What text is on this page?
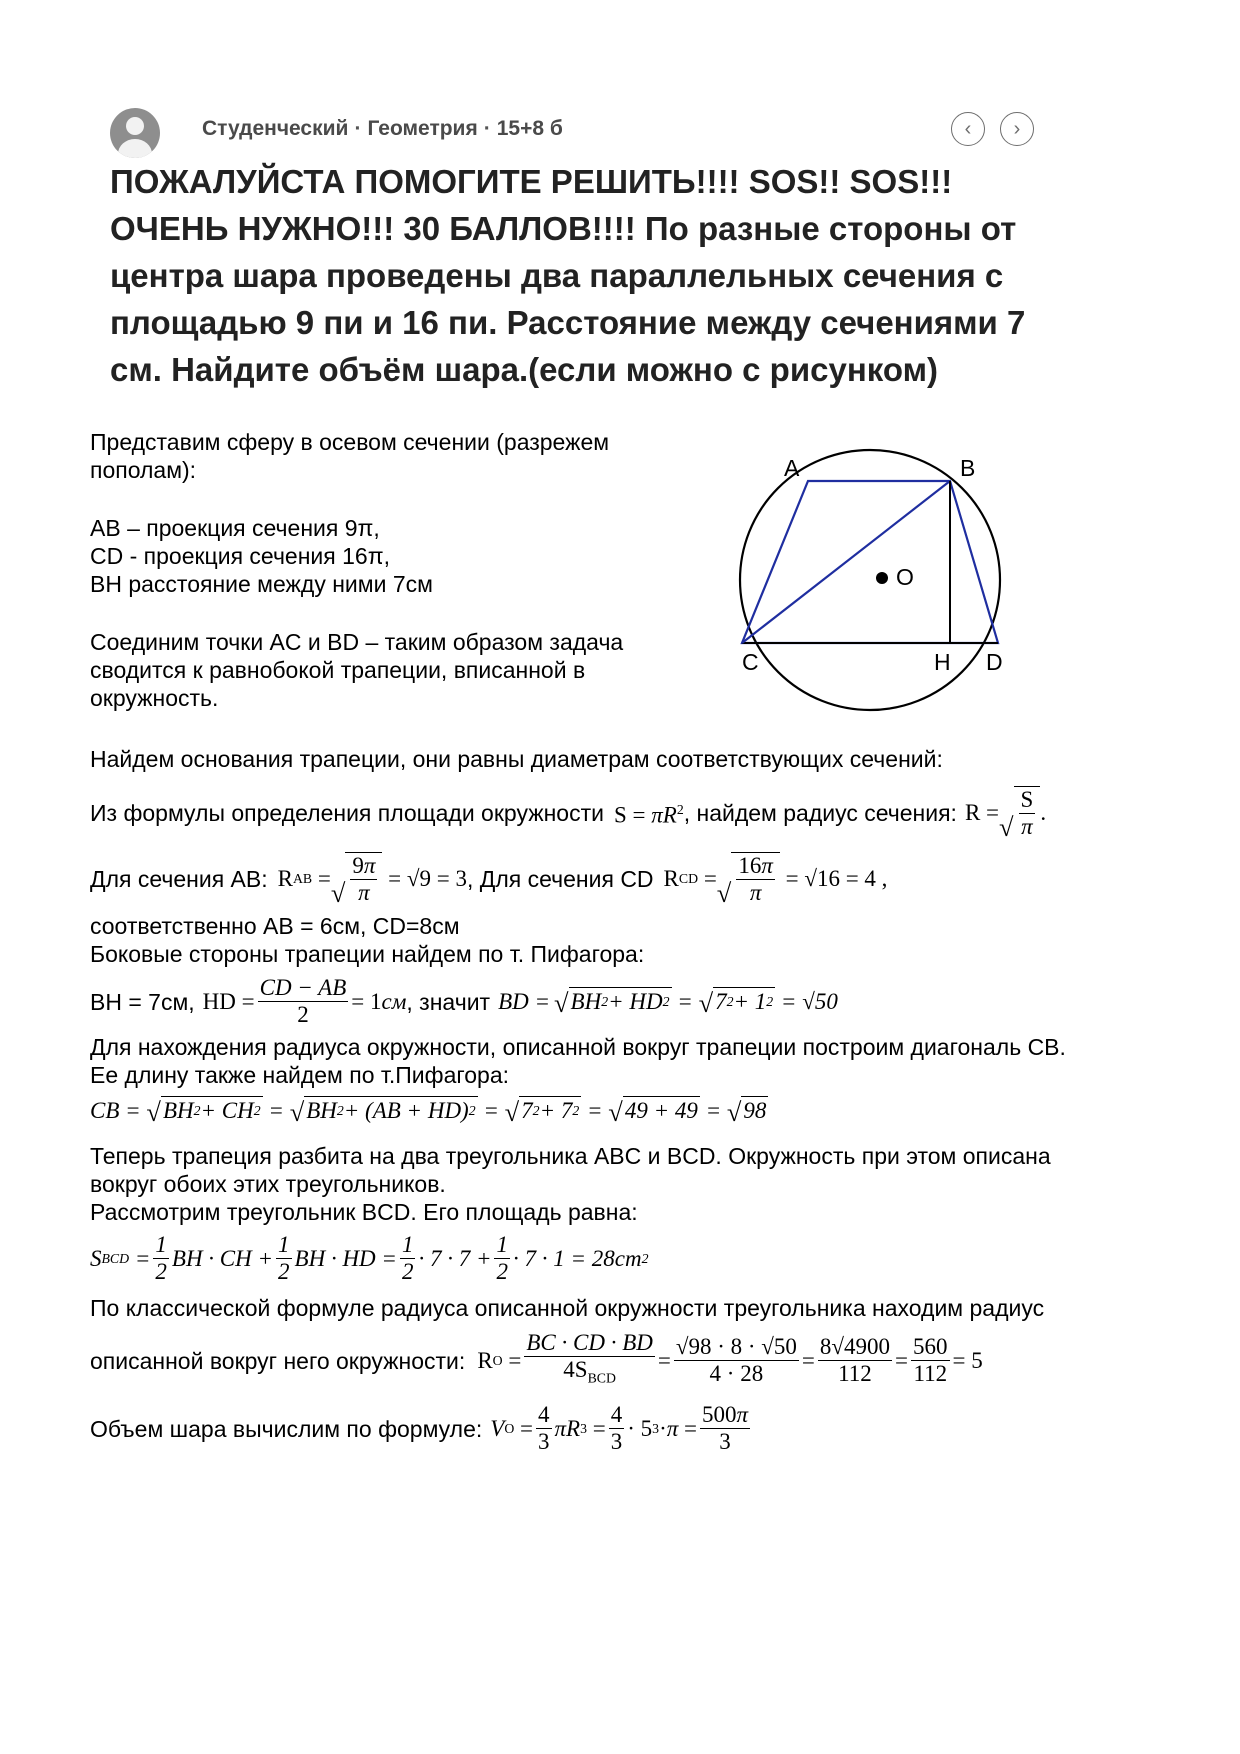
Студенческий · Геометрия · 15+8 б	‹ ›
ПОЖАЛУЙСТА ПОМОГИТЕ РЕШИТЬ!!!! SOS!! SOS!!! ОЧЕНЬ НУЖНО!!! 30 БАЛЛОВ!!!! По разные стороны от центра шара проведены два параллельных сечения с площадью 9 пи и 16 пи. Расстояние между сечениями 7 см. Найдите объём шара.(если можно с рисунком)
Представим сферу в осевом сечении (разрежем
пополам):
AB – проекция сечения 9π,
CD - проекция сечения 16π,
BH расстояние между ними 7см
Соединим точки AC и BD – таким образом задача
сводится к равнобокой трапеции, вписанной в
окружность.
A	B
O
C	H D
Найдем основания трапеции, они равны диаметрам соответствующих сечений:
Из формулы определения площади окружности $S = \pi R^2$ , найдем радиус сечения: R = √
S
π
.
Для сечения AB: R AB = √
9π
π
= √9 = 3 , Для сечения CD R CD = √
16π
π
= √16 = 4 ,
соответственно AB = 6см, CD=8см
Боковые стороны трапеции найдем по т. Пифагора:
BH = 7см, HD =
CD − AB
2
= 1 см , значит BD = √ BH 2 + HD 2 = √ 7 2 + 1 2 = √50
Для нахождения радиуса окружности, описанной вокруг трапеции построим диагональ CB.
Ее длину также найдем по т.Пифагора:
CB = √ BH 2 + CH 2 = √ BH 2 + (AB + HD) 2 = √ 7 2 + 7 2 = √ 49 + 49 = √ 98
Теперь трапеция разбита на два треугольника ABC и BCD. Окружность при этом описана
вокруг обоих этих треугольников.
Рассмотрим треугольник BCD. Его площадь равна:
S BCD =
1
2
BH · CH +
1
2
BH · HD =
1
2
· 7 · 7 +
1
2
· 7 · 1 = 28 cm 2
По классической формуле радиуса описанной окружности треугольника находим радиус
описанной вокруг него окружности: R O =
BC · CD · BD
$4S_{BCD}$
=
√98 · 8 · √50
4 · 28
=
8√4900
112
=
560
112
= 5
Объем шара вычислим по формуле: V O =
4
3
πR 3 =
4
3
· 5 3 · π =
500π
3
